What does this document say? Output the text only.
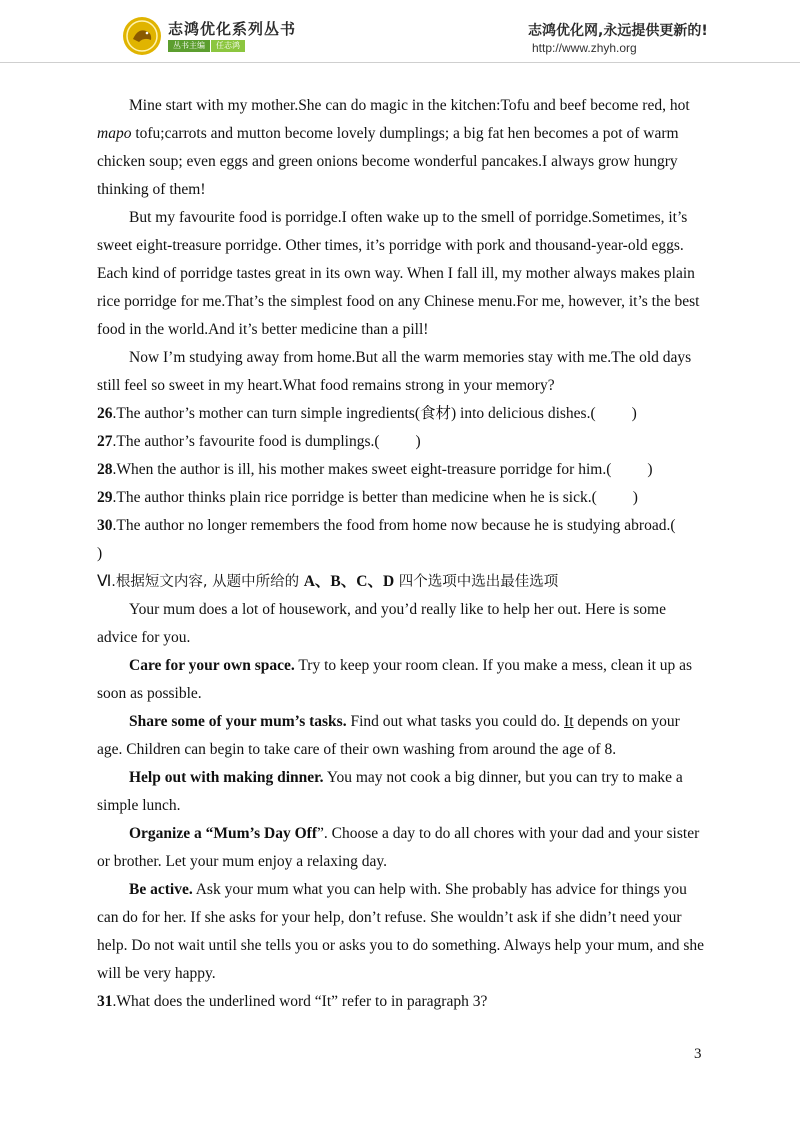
志鸿优化系列丛书
丛书主编	任志鸿
志鸿优化网,永远提供更新的!
http://www.zhyh.org

Mine start with my mother.She can do magic in the kitchen:Tofu and beef become red, hot mapo tofu;carrots and mutton become lovely dumplings; a big fat hen becomes a pot of warm chicken soup; even eggs and green onions become wonderful pancakes.I always grow hungry thinking of them!

But my favourite food is porridge.I often wake up to the smell of porridge.Sometimes, it’s sweet eight-treasure porridge. Other times, it’s porridge with pork and thousand-year-old eggs. Each kind of porridge tastes great in its own way. When I fall ill, my mother always makes plain rice porridge for me.That’s the simplest food on any Chinese menu.For me, however, it’s the best food in the world.And it’s better medicine than a pill!

Now I’m studying away from home.But all the warm memories stay with me.The old days still feel so sweet in my heart.What food remains strong in your memory?

26.The author’s mother can turn simple ingredients(食材) into delicious dishes.( )

27.The author’s favourite food is dumplings.( )

28.When the author is ill, his mother makes sweet eight-treasure porridge for him.( )

29.The author thinks plain rice porridge is better than medicine when he is sick.( )

30.The author no longer remembers the food from home now because he is studying abroad.(
)

Ⅵ.根据短文内容, 从题中所给的 A、B、C、D 四个选项中选出最佳选项

Your mum does a lot of housework, and you’d really like to help her out. Here is some advice for you.

Care for your own space. Try to keep your room clean. If you make a mess, clean it up as soon as possible.

Share some of your mum’s tasks. Find out what tasks you could do. It depends on your age. Children can begin to take care of their own washing from around the age of 8.

Help out with making dinner. You may not cook a big dinner, but you can try to make a simple lunch.

Organize a “Mum’s Day Off”. Choose a day to do all chores with your dad and your sister or brother. Let your mum enjoy a relaxing day.

Be active. Ask your mum what you can help with. She probably has advice for things you can do for her. If she asks for your help, don’t refuse. She wouldn’t ask if she didn’t need your help. Do not wait until she tells you or asks you to do something. Always help your mum, and she will be very happy.

31.What does the underlined word “It” refer to in paragraph 3?

3
